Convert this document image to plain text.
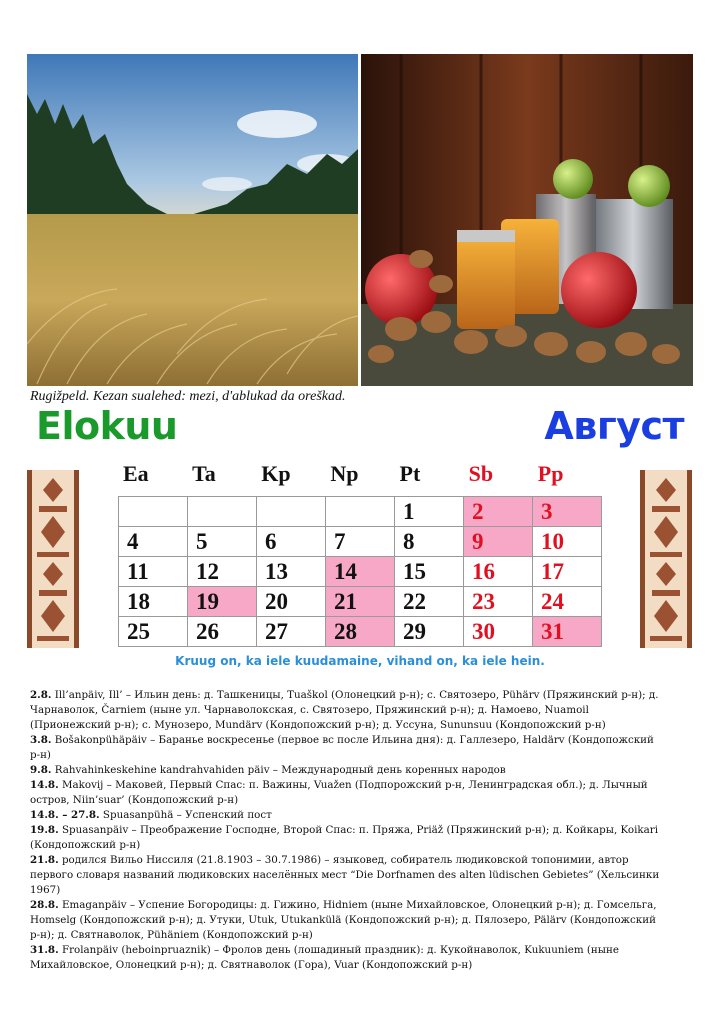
Rugižpeld. Kezan sualehed: mezi, d'ablukad da oreškad.
Elokuu	Август
Ea	Ta	Kp	Np	Pt	Sb	Pp
				1	2	3
4	5	6	7	8	9	10
11	12	13	14	15	16	17
18	19	20	21	22	23	24
25	26	27	28	29	30	31
Kruug on, ka iele kuudamaine, vihand on, ka iele hein.

2.8. Ill’anpäiv, Ill’ – Ильин день: д. Ташкеницы, Tuaškol (Олонецкий р-н); с. Святозеро, Pühärv (Пряжинский р-н); д. Чарнаволок, Čarniem (ныне ул. Чарнаволокская, с. Святозеро, Пряжинский р-н); д. Намоево, Nuamoil (Прионежский р-н); с. Мунозеро, Mundärv (Кондопожский р-н); д. Уссуна, Sununsuu (Кондопожский р-н)

3.8. Bošakonpühäpäiv – Баранье воскресенье (первое вс после Ильина дня): д. Галлезеро, Haldärv (Кондопожский р-н)

9.8. Rahvahinkeskehine kandrahvahiden päiv – Международный день коренных народов

14.8. Makovij – Маковей, Первый Спас: п. Важины, Vuažen (Подпорожский р-н, Ленинградская обл.); д. Лычный остров, Niin’suar’ (Кондопожский р-н)

14.8. – 27.8. Spuasanpühä – Успенский пост

19.8. Spuasanpäiv – Преображение Господне, Второй Спас: п. Пряжа, Priäž (Пряжинский р-н); д. Койкары, Koikari (Кондопожский р-н)

21.8. родился Вильо Ниссиля (21.8.1903 – 30.7.1986) – языковед, собиратель людиковской топонимии, автор первого словаря названий людиковских населённых мест “Die Dorfnamen des alten lüdischen Gebietes” (Хельсинки 1967)

28.8. Emaganpäiv – Успение Богородицы: д. Гижино, Hidniem (ныне Михайловское, Олонецкий р-н); д. Гомсельга, Homselg (Кондопожский р-н); д. Утуки, Utuk, Utukankülä (Кондопожский р-н); д. Пялозеро, Pälärv (Кондопожский р-н); д. Святнаволок, Pühäniem (Кондопожский р-н)

31.8. Frolanpäiv (heboinpruaznik) – Фролов день (лошадиный праздник): д. Кукойнаволок, Kukuuniem (ныне Михайловское, Олонецкий р-н); д. Святнаволок (Гора), Vuar (Кондопожский р-н)
